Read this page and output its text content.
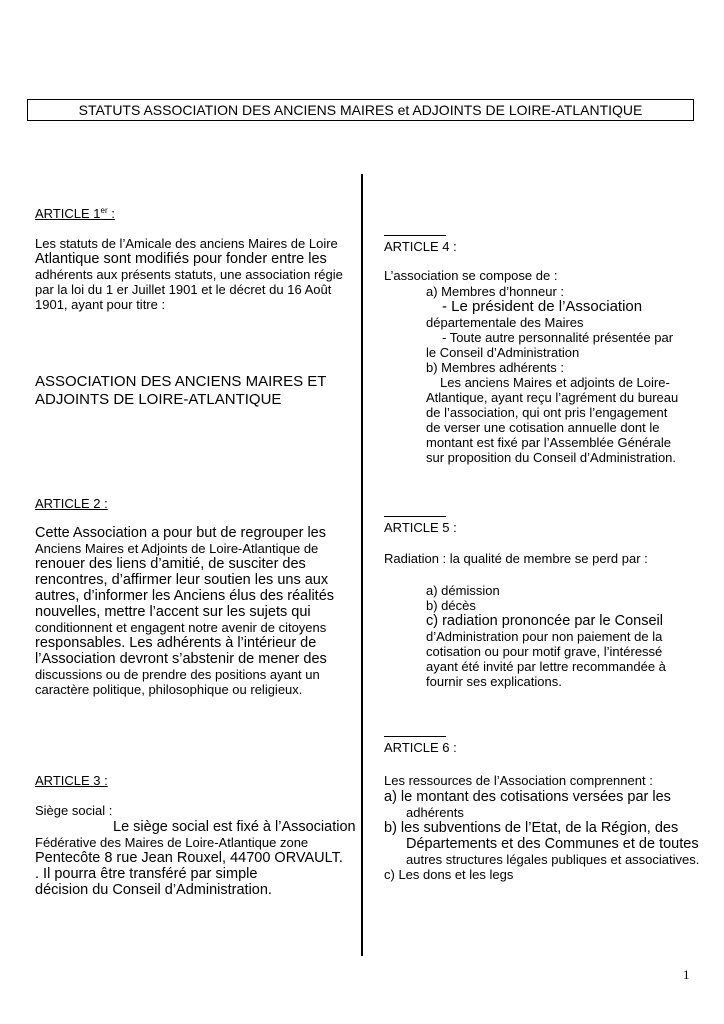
STATUTS ASSOCIATION DES ANCIENS MAIRES et ADJOINTS DE LOIRE-ATLANTIQUE
ARTICLE 1er :
Les statuts de l’Amicale des anciens Maires de Loire
Atlantique sont modifiés pour fonder entre les
adhérents aux présents statuts, une association régie
par la loi du 1 er Juillet 1901 et le décret du 16 Août
1901, ayant pour titre :
ASSOCIATION DES ANCIENS MAIRES ET
ADJOINTS DE LOIRE-ATLANTIQUE
ARTICLE 2 :
Cette Association a pour but de regrouper les
Anciens Maires et Adjoints de Loire-Atlantique de
renouer des liens d’amitié, de susciter des
rencontres, d’affirmer leur soutien les uns aux
autres, d’informer les Anciens élus des réalités
nouvelles, mettre l’accent sur les sujets qui
conditionnent et engagent notre avenir de citoyens
responsables. Les adhérents à l’intérieur de
l’Association devront s’abstenir de mener des
discussions ou de prendre des positions ayant un
caractère politique, philosophique ou religieux.
ARTICLE 3 :
Siège social :
Le siège social est fixé à l’Association
Fédérative des Maires de Loire-Atlantique zone
Pentecôte 8 rue Jean Rouxel, 44700 ORVAULT.
. Il pourra être transféré par simple
décision du Conseil d’Administration.
ARTICLE 4 :
L’association se compose de :
a) Membres d’honneur :
- Le président de l’Association
départementale des Maires
- Toute autre personnalité présentée par
le Conseil d’Administration
b) Membres adhérents :
Les anciens Maires et adjoints de Loire-
Atlantique, ayant reçu l’agrément du bureau
de l’association, qui ont pris l’engagement
de verser une cotisation annuelle dont le
montant est fixé par l’Assemblée Générale
sur proposition du Conseil d’Administration.
ARTICLE 5 :
Radiation : la qualité de membre se perd par :
a) démission
b) décès
c) radiation prononcée par le Conseil
d’Administration pour non paiement de la
cotisation ou pour motif grave, l’intéressé
ayant été invité par lettre recommandée à
fournir ses explications.
ARTICLE 6 :
Les ressources de l’Association comprennent :
a) le montant des cotisations versées par les
adhérents
b) les subventions de l’Etat, de la Région, des
Départements et des Communes et de toutes
autres structures légales publiques et associatives.
c) Les dons et les legs
1
